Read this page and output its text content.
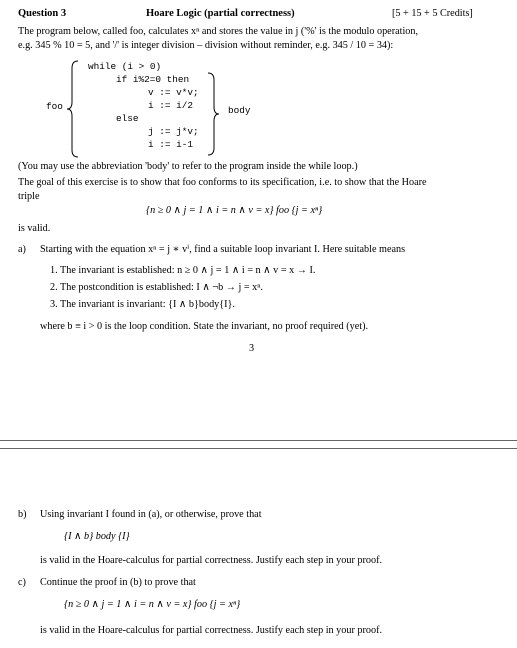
Question 3	Hoare Logic (partial correctness)	[5 + 15 + 5 Credits]
The program below, called foo, calculates xⁿ and stores the value in j ('%' is the modulo operation,
e.g. 345 % 10 = 5, and '/' is integer division – division without reminder, e.g. 345 / 10 = 34):
foo
while (i > 0)
if i%2=0 then
v := v*v;
i := i/2
else
j := j*v;
i := i-1
body
(You may use the abbreviation 'body' to refer to the program inside the while loop.)
The goal of this exercise is to show that foo conforms to its specification, i.e. to show that the Hoare
triple
{n ≥ 0 ∧ j = 1 ∧ i = n ∧ v = x} foo {j = xⁿ}
is valid.
a) Starting with the equation xⁿ = j ∗ vⁱ, find a suitable loop invariant I. Here suitable means
1. The invariant is established: n ≥ 0 ∧ j = 1 ∧ i = n ∧ v = x → I.
2. The postcondition is established: I ∧ ¬b → j = xⁿ.
3. The invariant is invariant: {I ∧ b}body{I}.
where b ≡ i > 0 is the loop condition. State the invariant, no proof required (yet).
3
b) Using invariant I found in (a), or otherwise, prove that
{I ∧ b} body {I}
is valid in the Hoare-calculus for partial correctness. Justify each step in your proof.
c) Continue the proof in (b) to prove that
{n ≥ 0 ∧ j = 1 ∧ i = n ∧ v = x} foo {j = xⁿ}
is valid in the Hoare-calculus for partial correctness. Justify each step in your proof.
